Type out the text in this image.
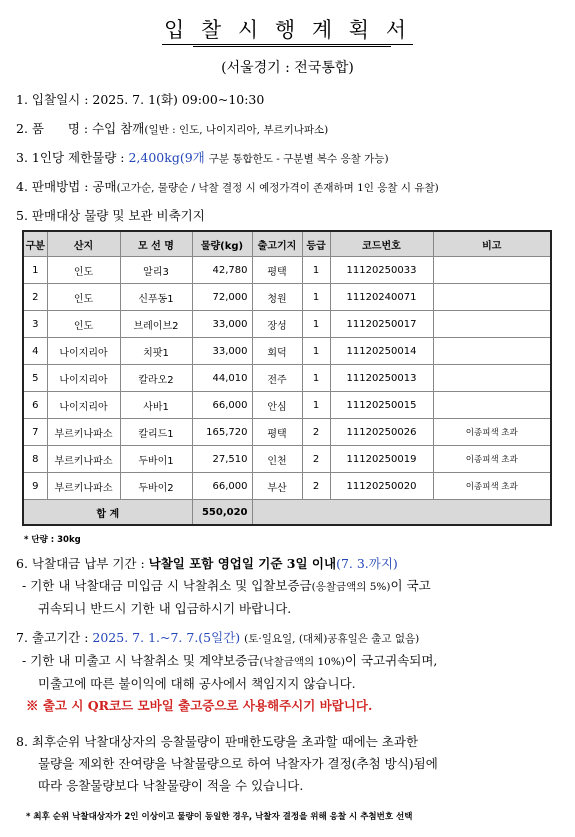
입 찰 시 행 계 획 서
(서울경기 : 전국통합)
1. 입찰일시 : 2025. 7. 1(화) 09:00~10:30
2. 품      명 : 수입 참깨(일반 : 인도, 나이지리아, 부르키나파소)
3. 1인당 제한물량 : 2,400kg(9개 구분 통합한도 - 구분별 복수 응찰 가능)
4. 판매방법 : 공매(고가순, 물량순 / 낙찰 결정 시 예정가격이 존재하며 1인 응찰 시 유찰)
5. 판매대상 물량 및 보관 비축기지
구분	산지	모 선 명	물량(kg)	출고기지	등급	코드번호	비고
1	인도	알리3	42,780	평택	1	11120250033	
2	인도	신푸동1	72,000	청원	1	11120240071	
3	인도	브레이브2	33,000	장성	1	11120250017	
4	나이지리아	치팟1	33,000	회덕	1	11120250014	
5	나이지리아	칼라오2	44,010	전주	1	11120250013	
6	나이지리아	사바1	66,000	안심	1	11120250015	
7	부르키나파소	칼리드1	165,720	평택	2	11120250026	이종피색 초과
8	부르키나파소	두바이1	27,510	인천	2	11120250019	이종피색 초과
9	부르키나파소	두바이2	66,000	부산	2	11120250020	이종피색 초과
합 계			550,020				
* 단량 : 30kg
6. 낙찰대금 납부 기간 : 낙찰일 포함 영업일 기준 3일 이내(7. 3.까지)
- 기한 내 낙찰대금 미입금 시 낙찰취소 및 입찰보증금(응찰금액의 5%)이 국고
귀속되니 반드시 기한 내 입금하시기 바랍니다.
7. 출고기간 : 2025. 7. 1.~7. 7.(5일간) (토·일요일, (대체)공휴일은 출고 없음)
- 기한 내 미출고 시 낙찰취소 및 계약보증금(낙찰금액의 10%)이 국고귀속되며,
미출고에 따른 불이익에 대해 공사에서 책임지지 않습니다.
※ 출고 시 QR코드 모바일 출고증으로 사용해주시기 바랍니다.
8. 최후순위 낙찰대상자의 응찰물량이 판매한도량을 초과할 때에는 초과한
물량을 제외한 잔여량을 낙찰물량으로 하여 낙찰자가 결정(추첨 방식)됨에
따라 응찰물량보다 낙찰물량이 적을 수 있습니다.
* 최후 순위 낙찰대상자가 2인 이상이고 물량이 동일한 경우, 낙찰자 결정을 위해 응찰 시 추첨번호 선택
